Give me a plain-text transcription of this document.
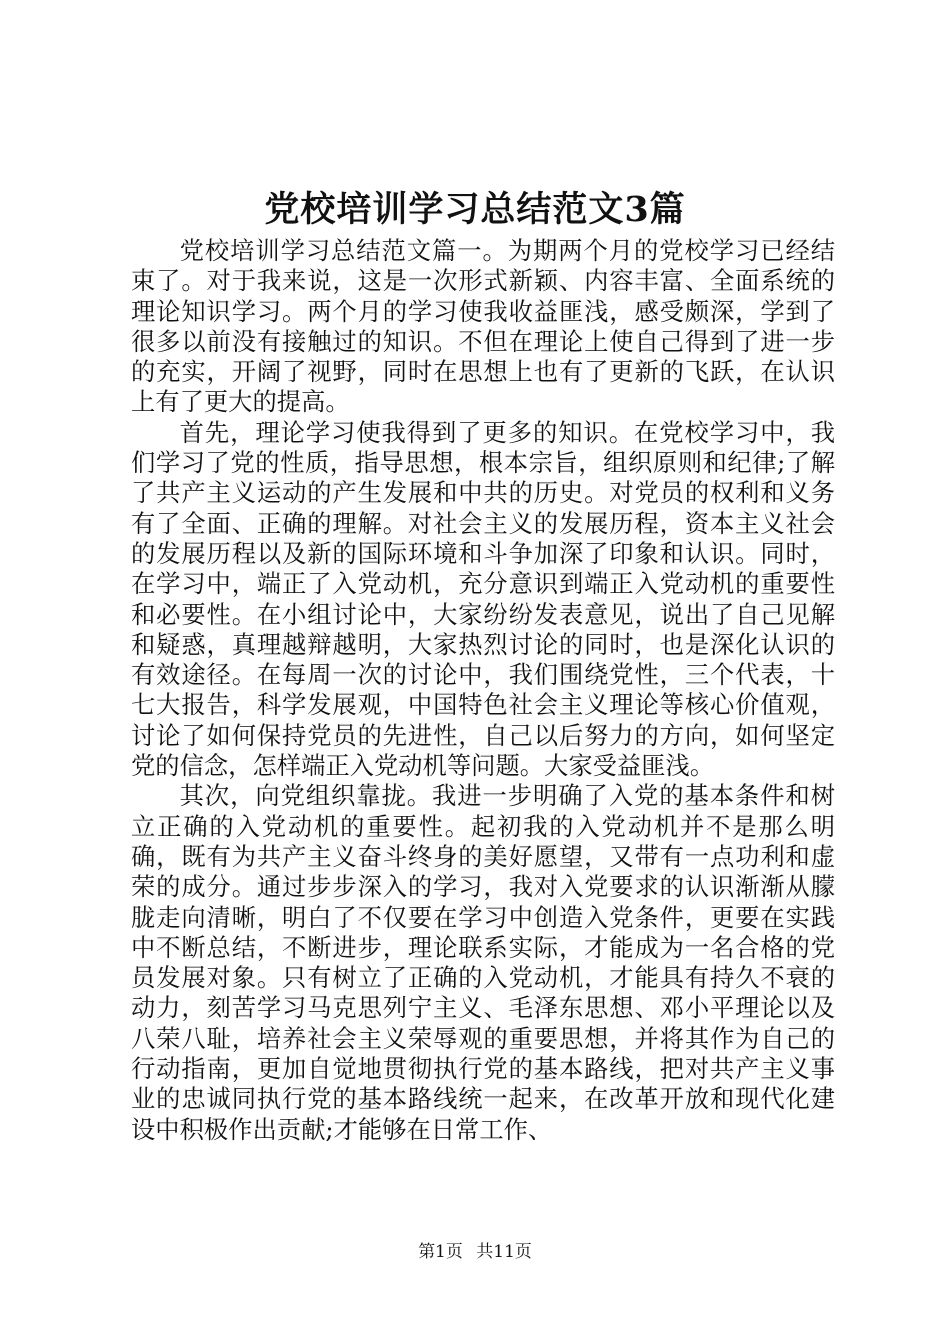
党校培训学习总结范文3篇

党校培训学习总结范文篇一。为期两个月的党校学习已经结束了。对于我来说，这是一次形式新颖、内容丰富、全面系统的理论知识学习。两个月的学习使我收益匪浅，感受颇深，学到了很多以前没有接触过的知识。不但在理论上使自己得到了进一步的充实，开阔了视野，同时在思想上也有了更新的飞跃，在认识上有了更大的提高。

首先，理论学习使我得到了更多的知识。在党校学习中，我们学习了党的性质，指导思想，根本宗旨，组织原则和纪律;了解了共产主义运动的产生发展和中共的历史。对党员的权利和义务有了全面、正确的理解。对社会主义的发展历程，资本主义社会的发展历程以及新的国际环境和斗争加深了印象和认识。同时，在学习中，端正了入党动机，充分意识到端正入党动机的重要性和必要性。在小组讨论中，大家纷纷发表意见，说出了自己见解和疑惑，真理越辩越明，大家热烈讨论的同时，也是深化认识的有效途径。在每周一次的讨论中，我们围绕党性，三个代表，十七大报告，科学发展观，中国特色社会主义理论等核心价值观，讨论了如何保持党员的先进性，自己以后努力的方向，如何坚定党的信念，怎样端正入党动机等问题。大家受益匪浅。

其次，向党组织靠拢。我进一步明确了入党的基本条件和树立正确的入党动机的重要性。起初我的入党动机并不是那么明确，既有为共产主义奋斗终身的美好愿望，又带有一点功利和虚荣的成分。通过步步深入的学习，我对入党要求的认识渐渐从朦胧走向清晰，明白了不仅要在学习中创造入党条件，更要在实践中不断总结，不断进步，理论联系实际，才能成为一名合格的党员发展对象。只有树立了正确的入党动机，才能具有持久不衰的动力，刻苦学习马克思列宁主义、毛泽东思想、邓小平理论以及八荣八耻，培养社会主义荣辱观的重要思想，并将其作为自己的行动指南，更加自觉地贯彻执行党的基本路线，把对共产主义事业的忠诚同执行党的基本路线统一起来，在改革开放和现代化建设中积极作出贡献;才能够在日常工作、

第1页 共11页
